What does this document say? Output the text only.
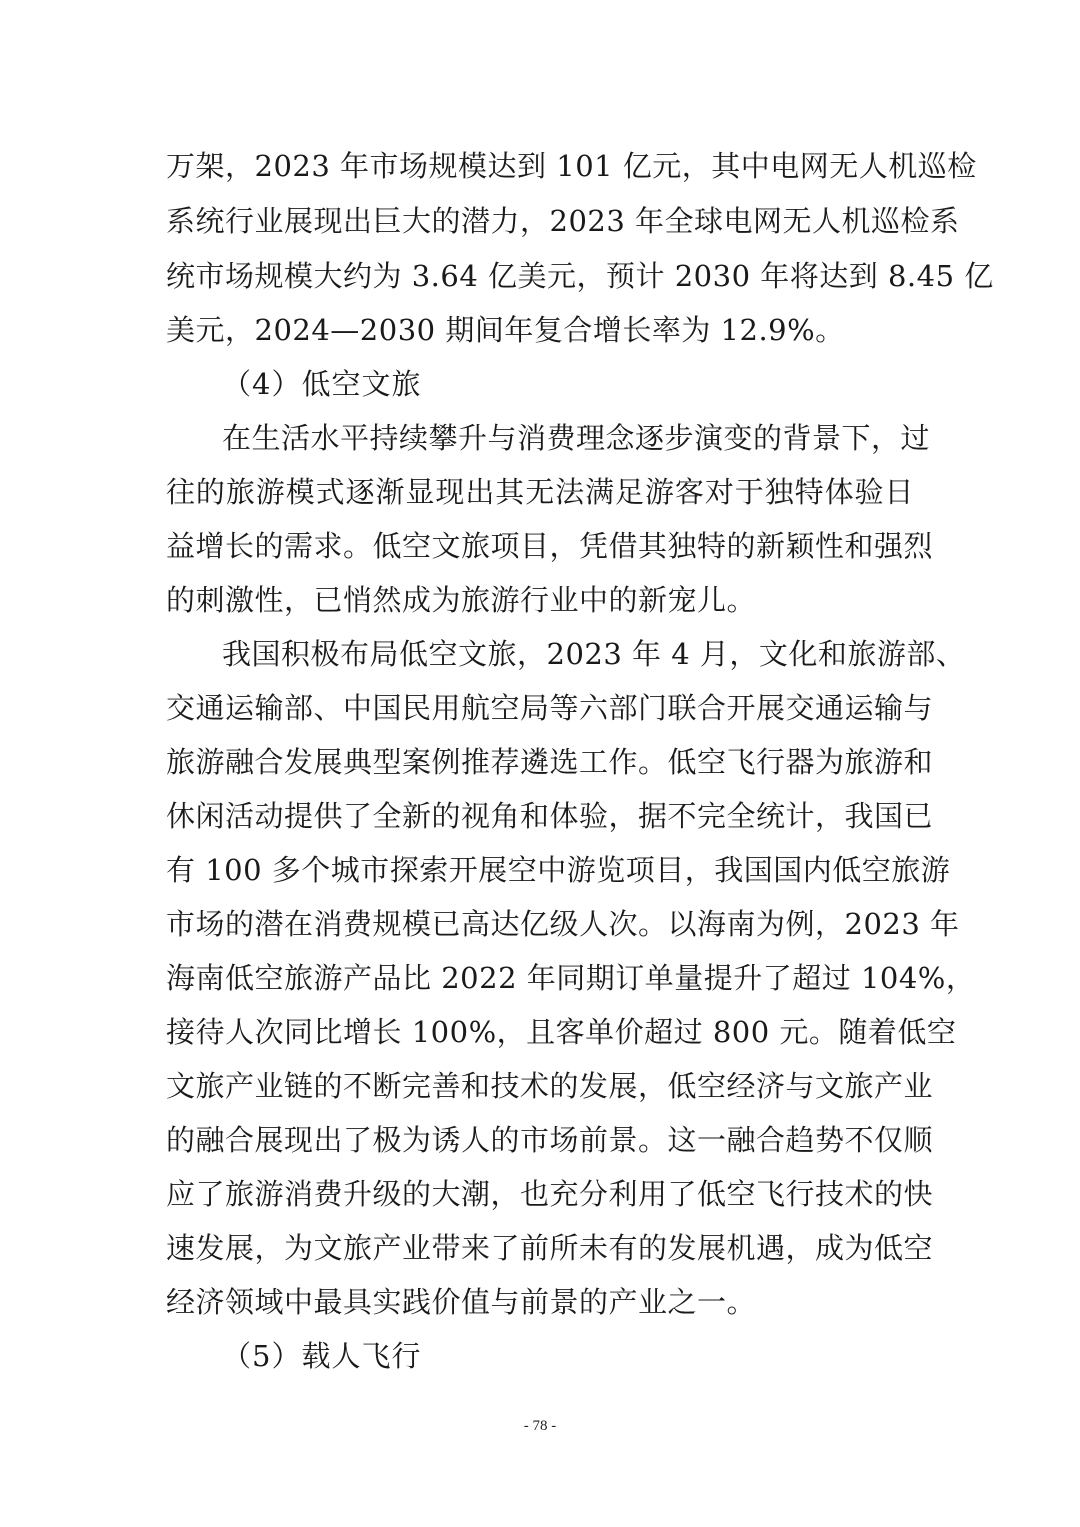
万架，2023 年市场规模达到 101 亿元，其中电网无人机巡检
系统行业展现出巨大的潜力，2023 年全球电网无人机巡检系
统市场规模大约为 3.64 亿美元，预计 2030 年将达到 8.45 亿
美元，2024—2030 期间年复合增长率为 12.9%。
（4）低空文旅
在生活水平持续攀升与消费理念逐步演变的背景下，过
往的旅游模式逐渐显现出其无法满足游客对于独特体验日
益增长的需求。低空文旅项目，凭借其独特的新颖性和强烈
的刺激性，已悄然成为旅游行业中的新宠儿。
我国积极布局低空文旅，2023 年 4 月，文化和旅游部、
交通运输部、中国民用航空局等六部门联合开展交通运输与
旅游融合发展典型案例推荐遴选工作。低空飞行器为旅游和
休闲活动提供了全新的视角和体验，据不完全统计，我国已
有 100 多个城市探索开展空中游览项目，我国国内低空旅游
市场的潜在消费规模已高达亿级人次。以海南为例，2023 年
海南低空旅游产品比 2022 年同期订单量提升了超过 104%，
接待人次同比增长 100%，且客单价超过 800 元。随着低空
文旅产业链的不断完善和技术的发展，低空经济与文旅产业
的融合展现出了极为诱人的市场前景。这一融合趋势不仅顺
应了旅游消费升级的大潮，也充分利用了低空飞行技术的快
速发展，为文旅产业带来了前所未有的发展机遇，成为低空
经济领域中最具实践价值与前景的产业之一。
（5）载人飞行
- 78 -
